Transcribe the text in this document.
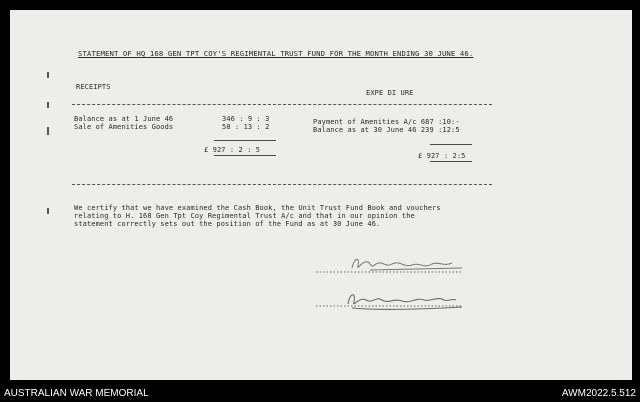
STATEMENT OF HQ 168 GEN TPT COY'S REGIMENTAL TRUST FUND FOR THE MONTH ENDING 30 JUNE 46.
RECEIPTS
EXPE DI URE
Balance as at 1 June 46	346 : 9 : 3
Sale of Amenities Goods	58 : 13 : 2
£ 927 : 2 : 5
Payment of Amenities A/c 687 :10:-
Balance as at 30 June 46 239 :12:5
£ 927 : 2:5
We certify that we have examined the Cash Book, the Unit Trust Fund Book and vouchers
relating to H. 168 Gen Tpt Coy Regimental Trust A/c and that in our opinion the
statement correctly sets out the position of the Fund as at 30 June 46.
AUSTRALIAN WAR MEMORIAL	AWM2022.5.512
